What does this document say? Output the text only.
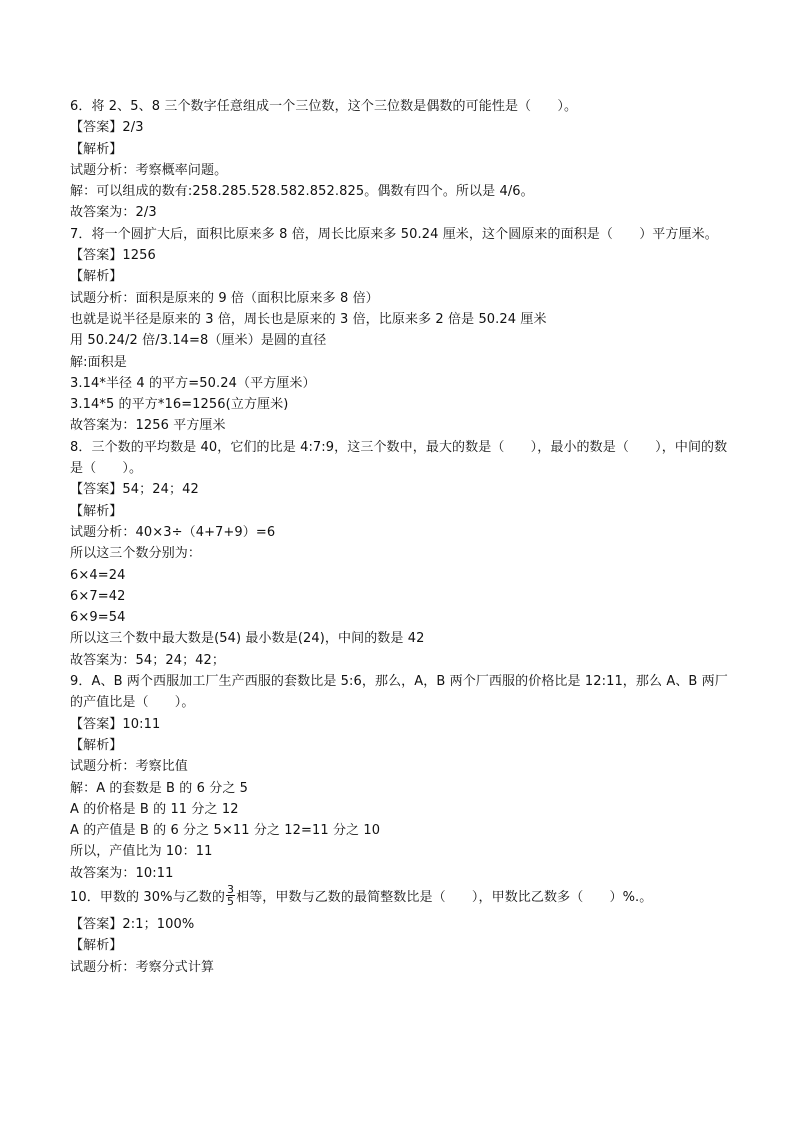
6．将 2、5、8 三个数字任意组成一个三位数，这个三位数是偶数的可能性是（　　）。
【答案】2/3
【解析】
试题分析：考察概率问题。
解：可以组成的数有:258.285.528.582.852.825。偶数有四个。所以是 4/6。
故答案为：2/3
7．将一个圆扩大后，面积比原来多 8 倍，周长比原来多 50.24 厘米，这个圆原来的面积是（　　）平方厘米。
【答案】1256
【解析】
试题分析：面积是原来的 9 倍（面积比原来多 8 倍）
也就是说半径是原来的 3 倍，周长也是原来的 3 倍，比原来多 2 倍是 50.24 厘米
用 50.24/2 倍/3.14=8（厘米）是圆的直径
解:面积是
3.14*半径 4 的平方=50.24（平方厘米）
3.14*5 的平方*16=1256(立方厘米)
故答案为：1256 平方厘米
8．三个数的平均数是 40，它们的比是 4:7:9，这三个数中，最大的数是（　　），最小的数是（　　），中间的数是（　　）。
【答案】54；24；42
【解析】
试题分析：40×3÷（4+7+9）=6
所以这三个数分别为：
6×4=24
6×7=42
6×9=54
所以这三个数中最大数是(54) 最小数是(24)，中间的数是 42
故答案为：54；24；42；
9．A、B 两个西服加工厂生产西服的套数比是 5:6，那么，A，B 两个厂西服的价格比是 12:11，那么 A、B 两厂的产值比是（　　）。
【答案】10:11
【解析】
试题分析：考察比值
解：A 的套数是 B 的 6 分之 5
A 的价格是 B 的 11 分之 12
A 的产值是 B 的 6 分之 5×11 分之 12=11 分之 10
所以，产值比为 10：11
故答案为：10:11
10．甲数的 30%与乙数的 $\frac{3}{5}$ 相等，甲数与乙数的最简整数比是（　　），甲数比乙数多（　　）%.。
【答案】2:1；100%
【解析】
试题分析：考察分式计算
